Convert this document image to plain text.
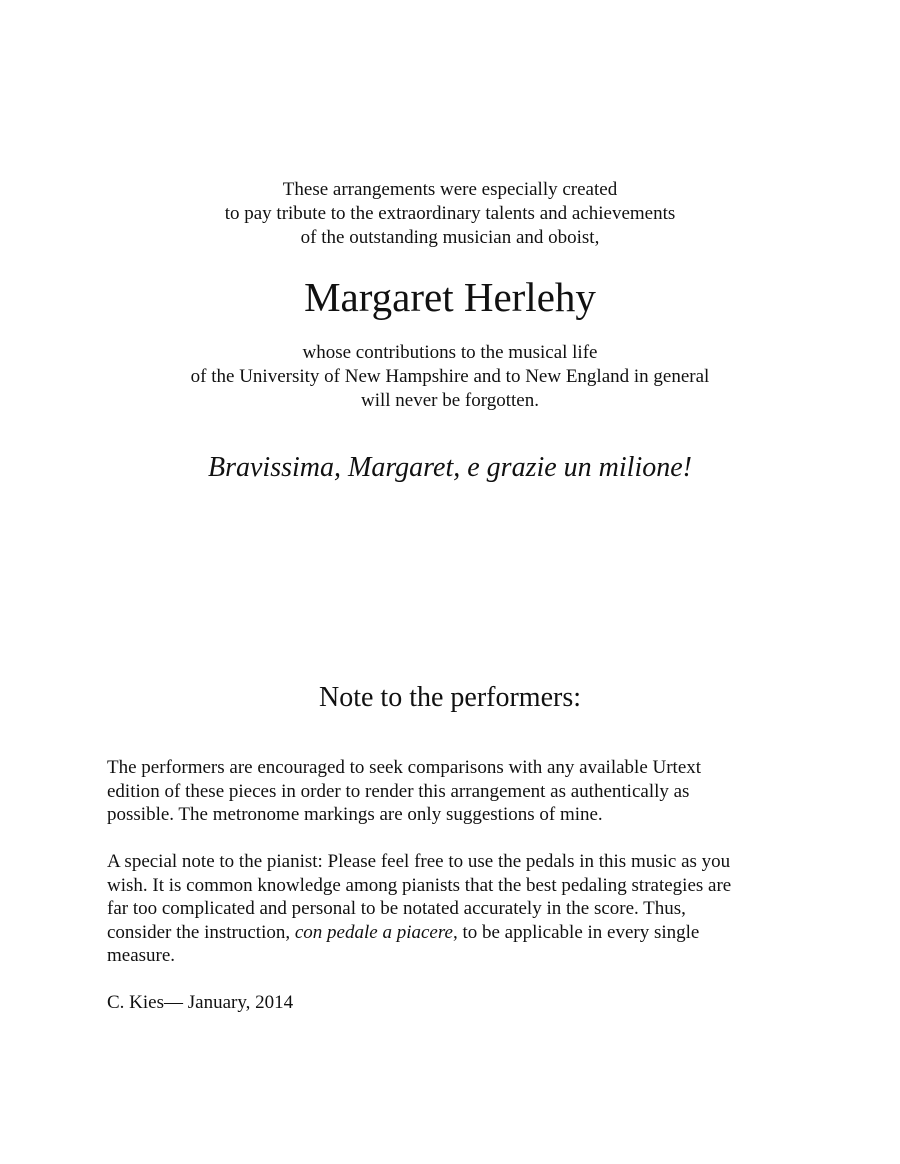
These arrangements were especially created
to pay tribute to the extraordinary talents and achievements
of the outstanding musician and oboist,
Margaret Herlehy
whose contributions to the musical life
of the University of New Hampshire and to New England in general
will never be forgotten.
Bravissima, Margaret, e grazie un milione!
Note to the performers:
The performers are encouraged to seek comparisons with any available Urtext
edition of these pieces in order to render this arrangement as authentically as
possible. The metronome markings are only suggestions of mine.
A special note to the pianist: Please feel free to use the pedals in this music as you
wish. It is common knowledge among pianists that the best pedaling strategies are
far too complicated and personal to be notated accurately in the score. Thus,
consider the instruction, con pedale a piacere, to be applicable in every single
measure.
C. Kies— January, 2014
